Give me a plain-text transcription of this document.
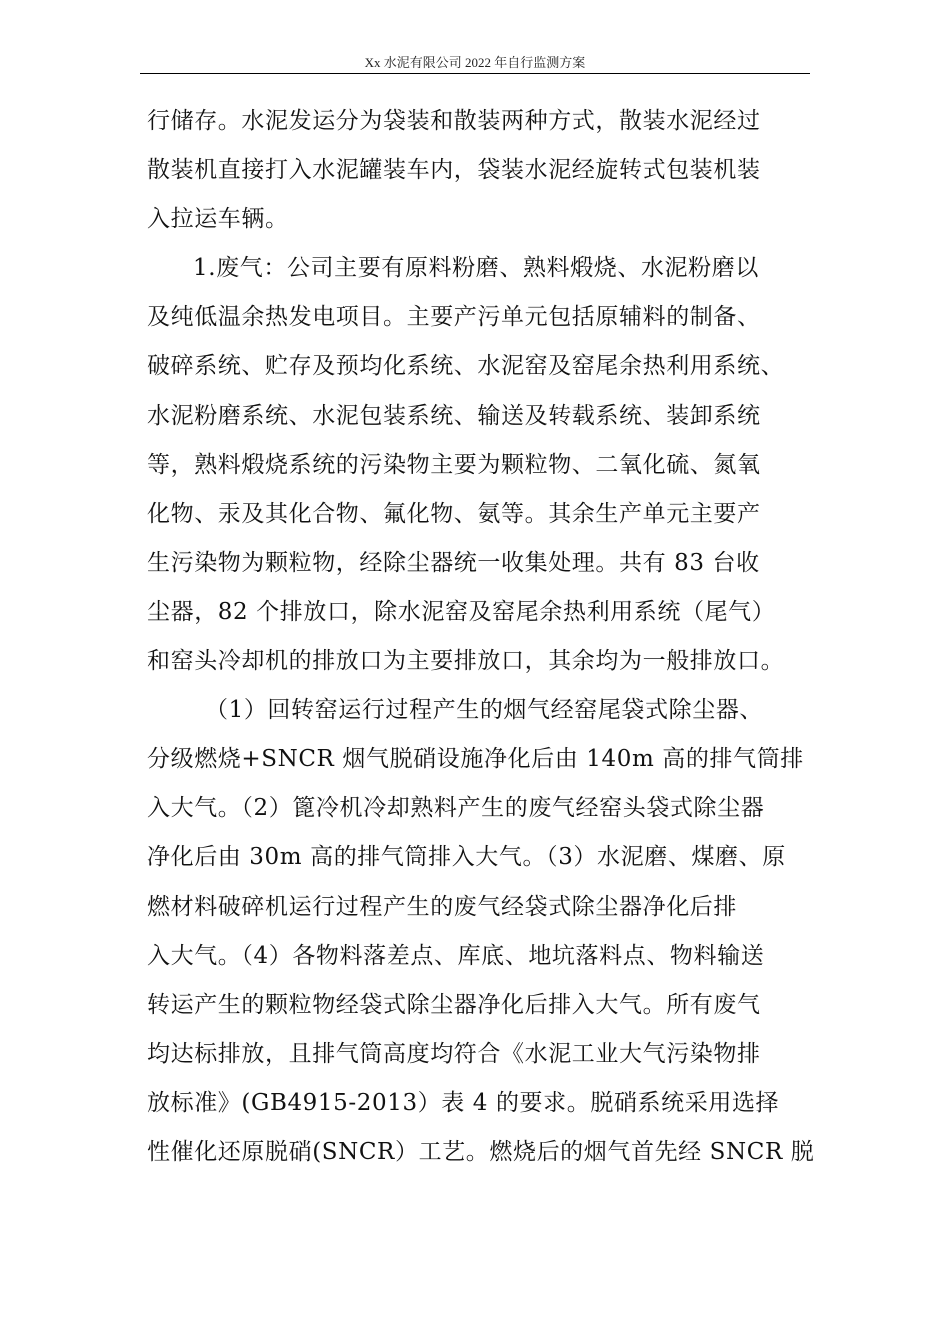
Xx 水泥有限公司 2022 年自行监测方案
行储存。水泥发运分为袋装和散装两种方式，散装水泥经过
散装机直接打入水泥罐装车内，袋装水泥经旋转式包装机装
入拉运车辆。
1.废气：公司主要有原料粉磨、熟料煅烧、水泥粉磨以
及纯低温余热发电项目。主要产污单元包括原辅料的制备、
破碎系统、贮存及预均化系统、水泥窑及窑尾余热利用系统、
水泥粉磨系统、水泥包装系统、输送及转载系统、装卸系统
等，熟料煅烧系统的污染物主要为颗粒物、二氧化硫、氮氧
化物、汞及其化合物、氟化物、氨等。其余生产单元主要产
生污染物为颗粒物，经除尘器统一收集处理。共有 83 台收
尘器，82 个排放口，除水泥窑及窑尾余热利用系统（尾气）
和窑头冷却机的排放口为主要排放口，其余均为一般排放口。
（1）回转窑运行过程产生的烟气经窑尾袋式除尘器、
分级燃烧+SNCR 烟气脱硝设施净化后由 140m 高的排气筒排
入大气。（2）篦冷机冷却熟料产生的废气经窑头袋式除尘器
净化后由 30m 高的排气筒排入大气。（3）水泥磨、煤磨、原
燃材料破碎机运行过程产生的废气经袋式除尘器净化后排
入大气。（4）各物料落差点、库底、地坑落料点、物料输送
转运产生的颗粒物经袋式除尘器净化后排入大气。所有废气
均达标排放，且排气筒高度均符合《水泥工业大气污染物排
放标准》(GB4915-2013）表 4 的要求。脱硝系统采用选择
性催化还原脱硝(SNCR）工艺。燃烧后的烟气首先经 SNCR 脱
